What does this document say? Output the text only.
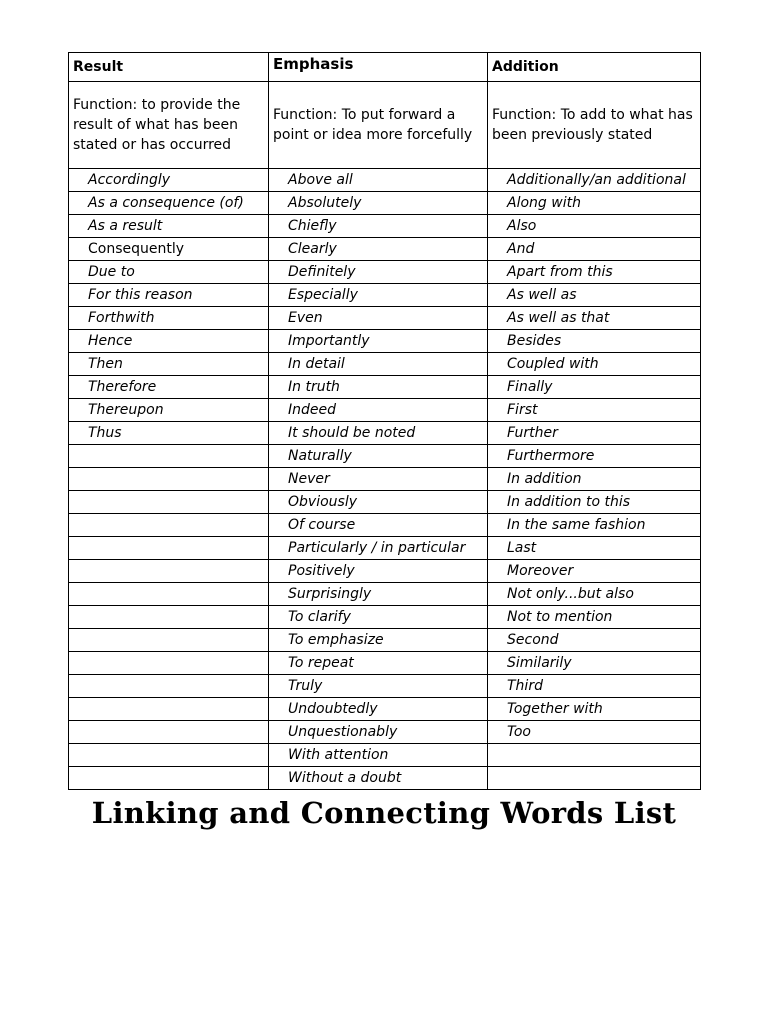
Result	Emphasis	Addition
Function: to provide the result of what has been stated or has occurred	Function: To put forward a point or idea more forcefully	Function: To add to what has been previously stated
Accordingly	Above all	Additionally/an additional
As a consequence (of)	Absolutely	Along with
As a result	Chiefly	Also
Consequently	Clearly	And
Due to	Definitely	Apart from this
For this reason	Especially	As well as
Forthwith	Even	As well as that
Hence	Importantly	Besides
Then	In detail	Coupled with
Therefore	In truth	Finally
Thereupon	Indeed	First
Thus	It should be noted	Further
	Naturally	Furthermore
	Never	In addition
	Obviously	In addition to this
	Of course	In the same fashion
	Particularly / in particular	Last
	Positively	Moreover
	Surprisingly	Not only...but also
	To clarify	Not to mention
	To emphasize	Second
	To repeat	Similarily
	Truly	Third
	Undoubtedly	Together with
	Unquestionably	Too
	With attention	
	Without a doubt	
Linking and Connecting Words List
